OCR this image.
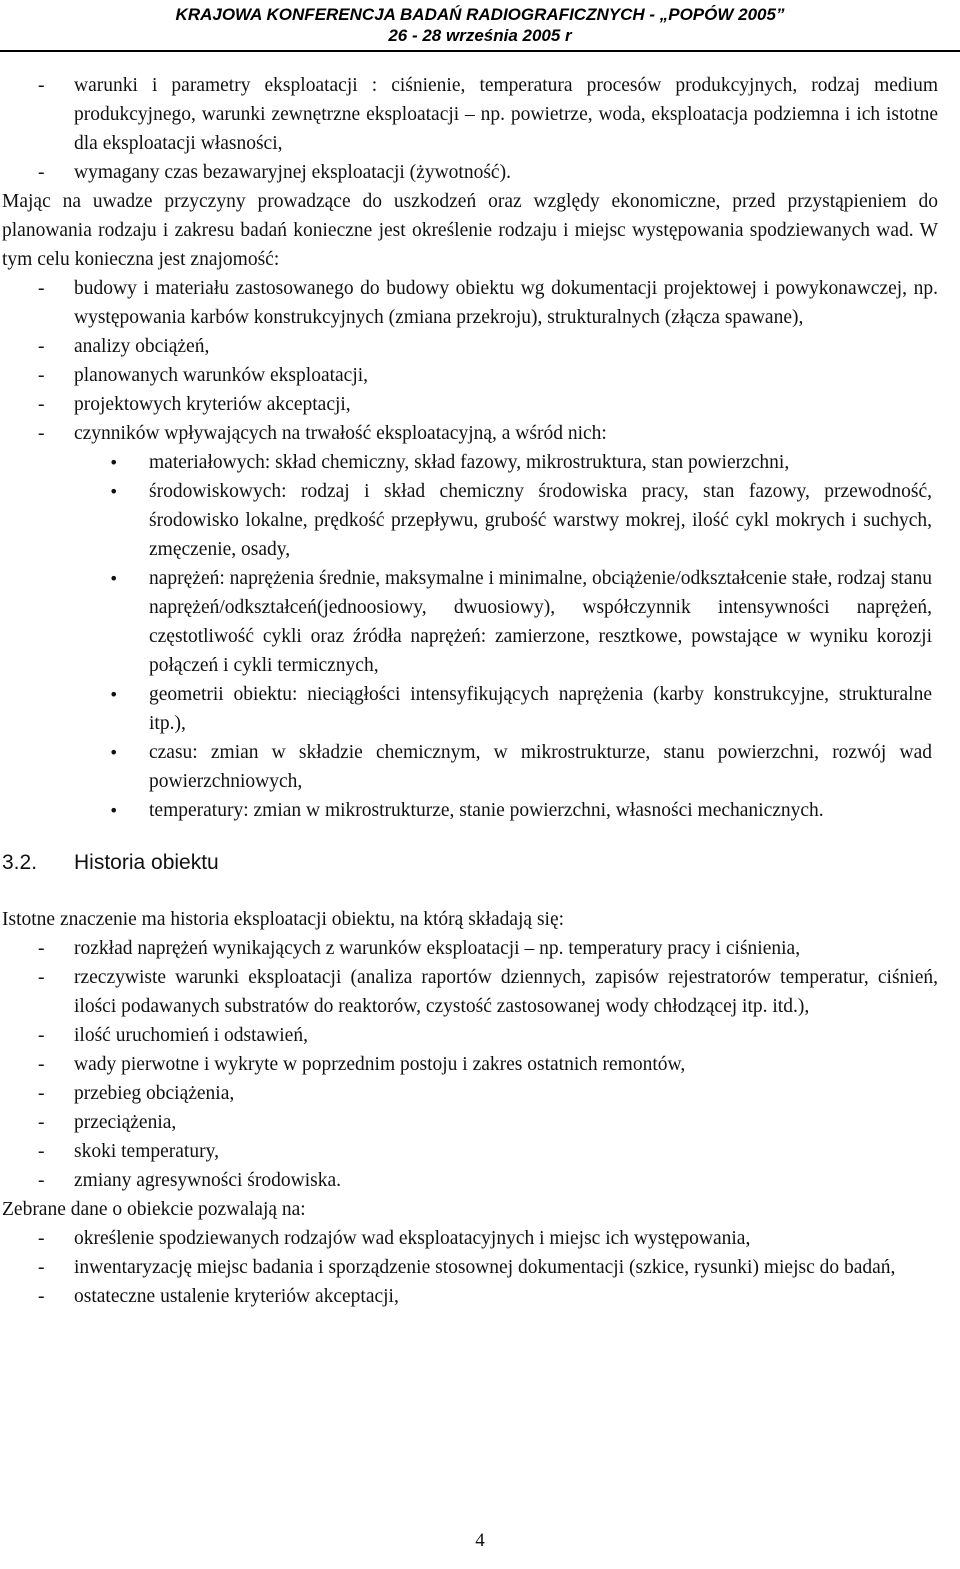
KRAJOWA KONFERENCJA BADAŃ RADIOGRAFICZNYCH - „POPÓW 2005”
26 - 28 września 2005 r
- warunki i parametry eksploatacji : ciśnienie, temperatura procesów produkcyjnych, rodzaj medium produkcyjnego, warunki zewnętrzne eksploatacji – np. powietrze, woda, eksploatacja podziemna i ich istotne dla eksploatacji własności,
- wymagany czas bezawaryjnej eksploatacji (żywotność).

Mając na uwadze przyczyny prowadzące do uszkodzeń oraz względy ekonomiczne, przed przystąpieniem do planowania rodzaju i zakresu badań konieczne jest określenie rodzaju i miejsc występowania spodziewanych wad. W tym celu konieczna jest znajomość:

- budowy i materiału zastosowanego do budowy obiektu wg dokumentacji projektowej i powykonawczej, np. występowania karbów konstrukcyjnych (zmiana przekroju), strukturalnych (złącza spawane),
- analizy obciążeń,
- planowanych warunków eksploatacji,
- projektowych kryteriów akceptacji,
- czynników wpływających na trwałość eksploatacyjną, a wśród nich:
• materiałowych: skład chemiczny, skład fazowy, mikrostruktura, stan powierzchni,
• środowiskowych: rodzaj i skład chemiczny środowiska pracy, stan fazowy, przewodność, środowisko lokalne, prędkość przepływu, grubość warstwy mokrej, ilość cykl mokrych i suchych, zmęczenie, osady,
• naprężeń: naprężenia średnie, maksymalne i minimalne, obciążenie/odkształcenie stałe, rodzaj stanu naprężeń/odkształceń(jednoosiowy, dwuosiowy), współczynnik intensywności naprężeń, częstotliwość cykli oraz źródła naprężeń: zamierzone, resztkowe, powstające w wyniku korozji połączeń i cykli termicznych,
• geometrii obiektu: nieciągłości intensyfikujących naprężenia (karby konstrukcyjne, strukturalne itp.),
• czasu: zmian w składzie chemicznym, w mikrostrukturze, stanu powierzchni, rozwój wad powierzchniowych,
• temperatury: zmian w mikrostrukturze, stanie powierzchni, własności mechanicznych.
3.2. Historia obiektu

Istotne znaczenie ma historia eksploatacji obiektu, na którą składają się:

- rozkład naprężeń wynikających z warunków eksploatacji – np. temperatury pracy i ciśnienia,
- rzeczywiste warunki eksploatacji (analiza raportów dziennych, zapisów rejestratorów temperatur, ciśnień, ilości podawanych substratów do reaktorów, czystość zastosowanej wody chłodzącej itp. itd.),
- ilość uruchomień i odstawień,
- wady pierwotne i wykryte w poprzednim postoju i zakres ostatnich remontów,
- przebieg obciążenia,
- przeciążenia,
- skoki temperatury,
- zmiany agresywności środowiska.

Zebrane dane o obiekcie pozwalają na:

- określenie spodziewanych rodzajów wad eksploatacyjnych i miejsc ich występowania,
- inwentaryzację miejsc badania i sporządzenie stosownej dokumentacji (szkice, rysunki) miejsc do badań,
- ostateczne ustalenie kryteriów akceptacji,
4
